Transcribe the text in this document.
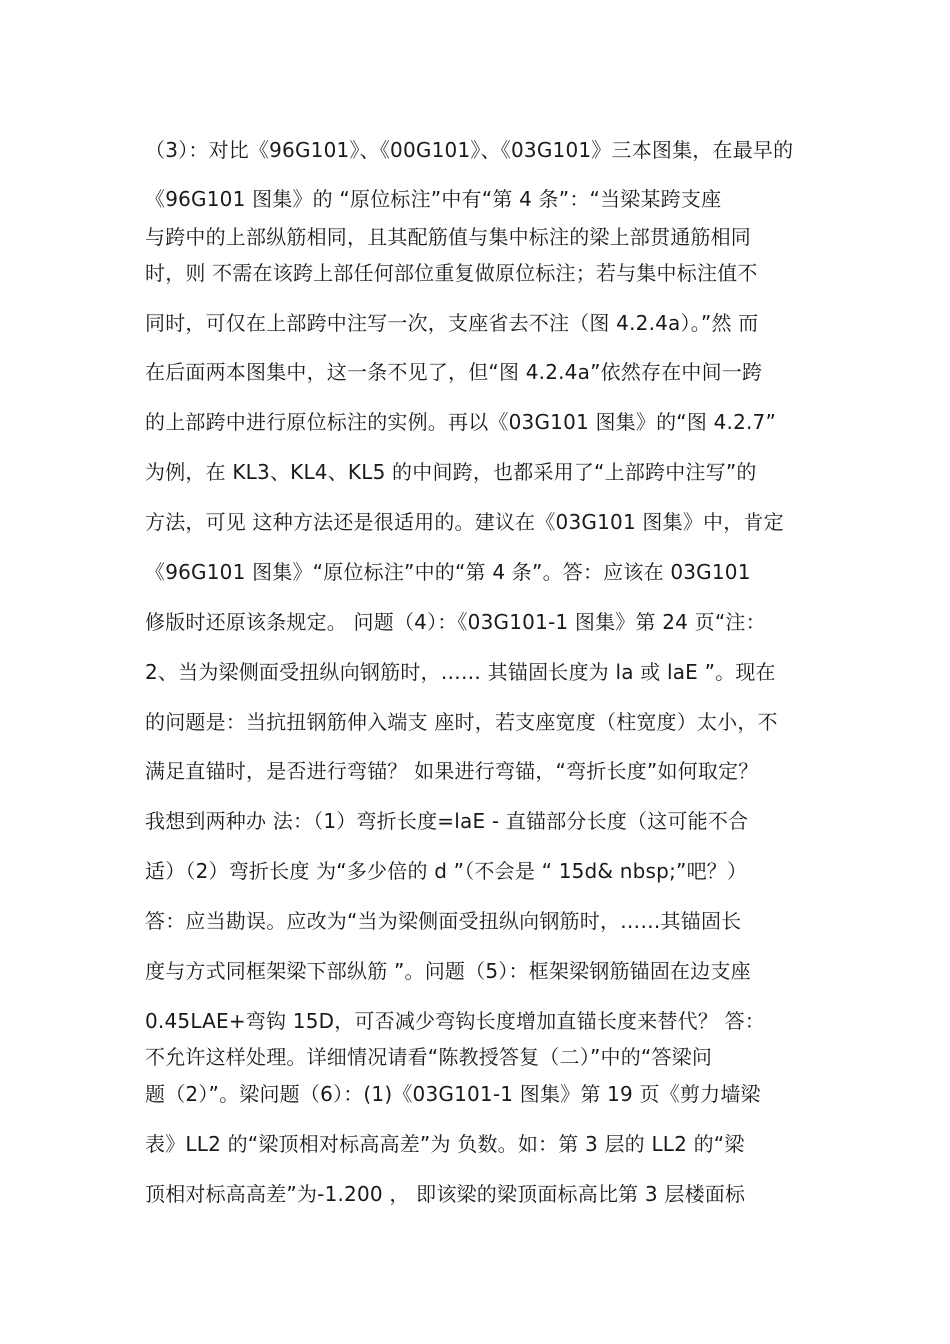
（3）：对比《96G101》、《00G101》、《03G101》三本图集，在最早的
《96G101 图集》的 “原位标注”中有“第 4 条”：“当梁某跨支座
与跨中的上部纵筋相同，且其配筋值与集中标注的梁上部贯通筋相同
时，则 不需在该跨上部任何部位重复做原位标注；若与集中标注值不
同时，可仅在上部跨中注写一次，支座省去不注（图 4.2.4a）。”然 而
在后面两本图集中，这一条不见了，但“图 4.2.4a”依然存在中间一跨
的上部跨中进行原位标注的实例。再以《03G101 图集》的“图 4.2.7”
为例，在 KL3、KL4、KL5 的中间跨，也都采用了“上部跨中注写”的
方法，可见 这种方法还是很适用的。建议在《03G101 图集》中，肯定
《96G101 图集》“原位标注”中的“第 4 条”。答：应该在 03G101
修版时还原该条规定。 问题（4）：《03G101-1 图集》第 24 页“注：
2、当为梁侧面受扭纵向钢筋时，…… 其锚固长度为 la 或 laE ”。现在
的问题是：当抗扭钢筋伸入端支 座时，若支座宽度（柱宽度）太小，不
满足直锚时，是否进行弯锚？ 如果进行弯锚，“弯折长度”如何取定？
我想到两种办 法：（1）弯折长度=laE - 直锚部分长度（这可能不合
适）（2）弯折长度 为“多少倍的 d ”（不会是 “ 15d& nbsp;”吧？）
答：应当勘误。应改为“当为梁侧面受扭纵向钢筋时，……其锚固长
度与方式同框架梁下部纵筋 ”。问题（5）：框架梁钢筋锚固在边支座
0.45LAE+弯钩 15D，可否减少弯钩长度增加直锚长度来替代？ 答：
不允许这样处理。详细情况请看“陈教授答复（二）”中的“答梁问
题（2）”。梁问题（6）：(1)《03G101-1 图集》第 19 页《剪力墙梁
表》LL2 的“梁顶相对标高高差”为 负数。如：第 3 层的 LL2 的“梁
顶相对标高高差”为-1.200 ， 即该梁的梁顶面标高比第 3 层楼面标
